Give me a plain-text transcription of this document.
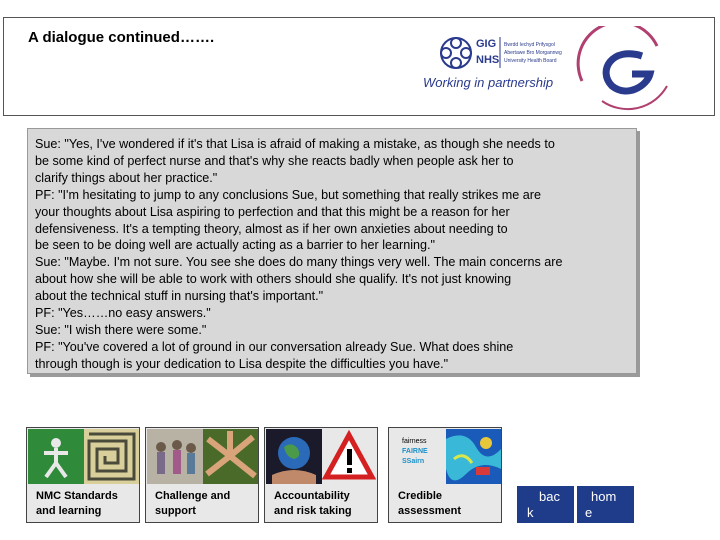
A dialogue continued…….	GIG
NHS
Bwrdd Iechyd Prifysgol
Abertawe Bro Morgannwg
University Health Board
Working in partnership

Sue: "Yes, I've wondered if it's that Lisa is afraid of making a mistake, as though she needs to

be some kind of perfect nurse and that's why she reacts badly when people ask her to

clarify things about her practice."

PF: "I'm hesitating to jump to any conclusions Sue, but something that really strikes me are

your thoughts about Lisa aspiring to perfection and that this might be a reason for her

defensiveness. It's a tempting theory, almost as if her own anxieties about needing to

be seen to be doing well are actually acting as a barrier to her learning."

Sue: "Maybe. I'm not sure. You see she does do many things very well. The main concerns are

about how she will be able to work with others should she qualify. It's not just knowing

about the technical stuff in nursing that's important."

PF: "Yes……no easy answers."

Sue: "I wish there were some."

PF: "You've covered a lot of ground in our conversation already Sue. What does shine

through though is your dedication to Lisa despite the difficulties you have."

NMC Standards and learning
Challenge and support
Accountability and risk taking
fairness
FAIRNE
SSairn
Credible assessment
bac
k
hom
e
